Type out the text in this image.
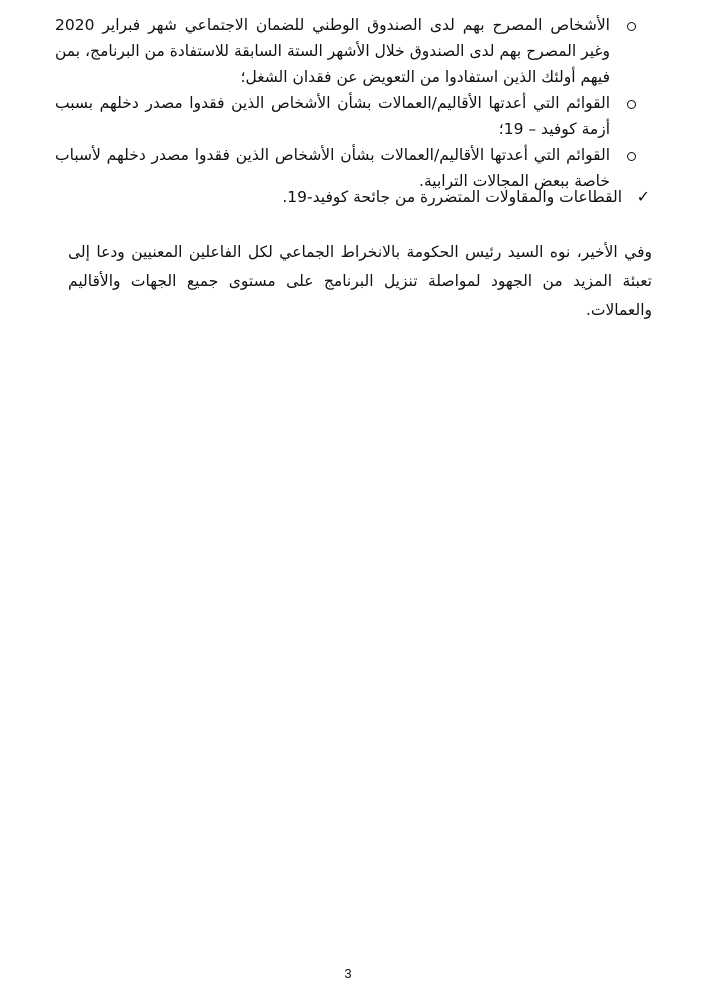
الأشخاص المصرح بهم لدى الصندوق الوطني للضمان الاجتماعي شهر فبراير 2020 وغير المصرح بهم لدى الصندوق خلال الأشهر الستة السابقة للاستفادة من البرنامج، بمن فيهم أولئك الذين استفادوا من التعويض عن فقدان الشغل؛
القوائم التي أعدتها الأقاليم/العمالات بشأن الأشخاص الذين فقدوا مصدر دخلهم بسبب أزمة كوفيد – 19؛
القوائم التي أعدتها الأقاليم/العمالات بشأن الأشخاص الذين فقدوا مصدر دخلهم لأسباب خاصة ببعض المجالات الترابية.
✓
القطاعات والمقاولات المتضررة من جائحة كوفيد-19.

وفي الأخير، نوه السيد رئيس الحكومة بالانخراط الجماعي لكل الفاعلين المعنيين ودعا إلى تعبئة المزيد من الجهود لمواصلة تنزيل البرنامج على مستوى جميع الجهات والأقاليم والعمالات.

3
